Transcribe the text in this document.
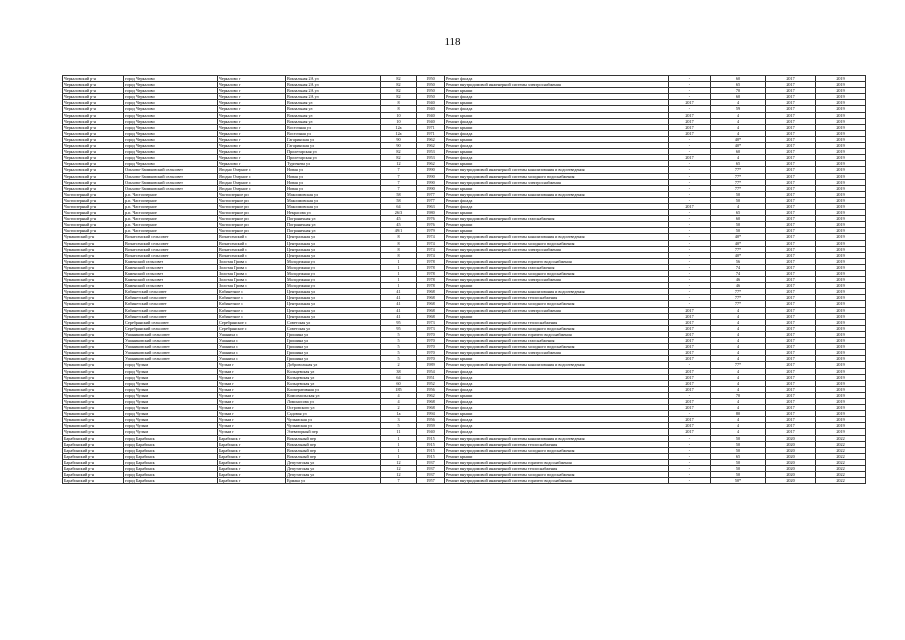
118
Черкаловский р-н	город Черкалово	Черкалово г	Вокзальная 2А ул	82	1950	Ремонт фасада	-	60	2017	2019
Черкаловский р-н	город Черкалово	Черкалово г	Вокзальная 2А ул	82	1950	Ремонт внутридомовой инженерной системы электроснабжения	-	65	2017	2019
Черкаловский р-н	город Черкалово	Черкалово г	Вокзальная 2А ул	82	1950	Ремонт крыши	-	70	2017	2019
Черкаловский р-н	город Черкалово	Черкалово г	Вокзальная 2А ул	82	1950	Ремонт фасада	-	60	2017	2019
Черкаловский р-н	город Черкалово	Черкалово г	Вокзальная ул	8	1940	Ремонт крыши	2017	4	2017	2019
Черкаловский р-н	город Черкалово	Черкалово г	Вокзальная ул	8	1940	Ремонт фасада	-	59	2017	2019
Черкаловский р-н	город Черкалово	Черкалово г	Вокзальная ул	10	1940	Ремонт крыши	2017	4	2017	2019
Черкаловский р-н	город Черкалово	Черкалово г	Вокзальная ул	10	1940	Ремонт фасада	2017	4	2017	2019
Черкаловский р-н	город Черкалово	Черкалово г	Восточная ул	12а	1971	Ремонт крыши	2017	4	2017	2019
Черкаловский р-н	город Черкалово	Черкалово г	Восточная ул	12а	1971	Ремонт фасада	2017	4	2017	2019
Черкаловский р-н	город Черкалово	Черкалово г	Гагаринская ул	90	1962	Ремонт крыши	-	40*	2017	2019
Черкаловский р-н	город Черкалово	Черкалово г	Гагаринская ул	90	1962	Ремонт фасада	-	40*	2017	2019
Черкаловский р-н	город Черкалово	Черкалово г	Пролетарская ул	82	1953	Ремонт крыши	-	60	2017	2019
Черкаловский р-н	город Черкалово	Черкалово г	Пролетарская ул	82	1953	Ремонт фасада	2017	4	2017	2019
Черкаловский р-н	город Черкалово	Черкалово г	Тургенева ул	12	1962	Ремонт крыши	-	65	2017	2019
Черкаловский р-н	Ольхово-Заимковский сельсовет	Ягодно Озерное с	Новая ул	7	1990	Ремонт внутридомовой инженерной системы канализования и водоотведения	-	77*	2017	2019
Черкаловский р-н	Ольхово-Заимковский сельсовет	Ягодно Озерное с	Новая ул	7	1990	Ремонт внутридомовой инженерной системы холодного водоснабжения	-	77*	2017	2019
Черкаловский р-н	Ольхово-Заимковский сельсовет	Ягодно Озерное с	Новая ул	7	1990	Ремонт внутридомовой инженерной системы электроснабжения	-	77*	2017	2019
Черкаловский р-н	Ольхово-Заимковский сельсовет	Ягодно Озерное с	Новая ул	7	1990	Ремонт крыши	-	77*	2017	2019
Частоозерный р-н	р.п. Частоозерное	Частоозерное рп	Максимовская ул	58	1977	Ремонт внутридомовой инженерной системы канализования и водоотведения	-	50	2017	2019
Частоозерный р-н	р.п. Частоозерное	Частоозерное рп	Максимовская ул	58	1977	Ремонт фасада	-	50	2017	2019
Частоозерный р-н	р.п. Частоозерное	Частоозерное рп	Максимовская ул	64	1963	Ремонт фасада	2017	4	2017	2019
Частоозерный р-н	р.п. Частоозерное	Частоозерное рп	Некрасова ул	26/3	1980	Ремонт крыши	-	65	2017	2019
Частоозерный р-н	р.п. Частоозерное	Частоозерное рп	Пограничная ул	45	1976	Ремонт внутридомовой инженерной системы газоснабжения	-	60	2017	2019
Частоозерный р-н	р.п. Частоозерное	Частоозерное рп	Пограничная ул	45	1976	Ремонт крыши	-	50	2017	2019
Частоозерный р-н	р.п. Частоозерное	Частоозерное рп	Пограничная ул	49/1	1979	Ремонт крыши	-	50	2017	2019
Чумаковский р-н	Вознесенский сельсовет	Вознесенский с	Центральная ул	8	1974	Ремонт внутридомовой инженерной системы канализования и водоотведения	-	40*	2017	2019
Чумаковский р-н	Вознесенский сельсовет	Вознесенский с	Центральная ул	8	1974	Ремонт внутридомовой инженерной системы холодного водоснабжения	-	40*	2017	2019
Чумаковский р-н	Вознесенский сельсовет	Вознесенский с	Центральная ул	8	1974	Ремонт внутридомовой инженерной системы электроснабжения	-	77*	2017	2019
Чумаковский р-н	Вознесенский сельсовет	Вознесенский с	Центральная ул	8	1974	Ремонт крыши	-	40*	2017	2019
Чумаковский р-н	Каменский сельсовет	Золотая Грива с	Молодежная ул	1	1978	Ремонт внутридомовой инженерной системы горячего водоснабжения	-	56	2017	2019
Чумаковский р-н	Каменский сельсовет	Золотая Грива с	Молодежная ул	1	1978	Ремонт внутридомовой инженерной системы газоснабжения	-	74	2017	2019
Чумаковский р-н	Каменский сельсовет	Золотая Грива с	Молодежная ул	1	1978	Ремонт внутридомовой инженерной системы холодного водоснабжения	-	74	2017	2019
Чумаковский р-н	Каменский сельсовет	Золотая Грива с	Молодежная ул	1	1978	Ремонт внутридомовой инженерной системы электроснабжения	-	46	2017	2019
Чумаковский р-н	Каменский сельсовет	Золотая Грива с	Молодежная ул	1	1978	Ремонт крыши	-	46	2017	2019
Чумаковский р-н	Кабинетский сельсовет	Кабинетное с	Центральная ул	41	1968	Ремонт внутридомовой инженерной системы канализования и водоотведения	-	77*	2017	2019
Чумаковский р-н	Кабинетский сельсовет	Кабинетное с	Центральная ул	41	1968	Ремонт внутридомовой инженерной системы теплоснабжения	-	77*	2017	2019
Чумаковский р-н	Кабинетский сельсовет	Кабинетное с	Центральная ул	41	1968	Ремонт внутридомовой инженерной системы холодного водоснабжения	-	77*	2017	2019
Чумаковский р-н	Кабинетский сельсовет	Кабинетное с	Центральная ул	41	1968	Ремонт внутридомовой инженерной системы электроснабжения	2017	4	2017	2019
Чумаковский р-н	Кабинетский сельсовет	Кабинетное с	Центральная ул	41	1968	Ремонт крыши	2017	4	2017	2019
Чумаковский р-н	Серебрянский сельсовет	Серебрянское с	Советская ул	95	1973	Ремонт внутридомовой инженерной системы теплоснабжения	2017	4	2017	2019
Чумаковский р-н	Серебрянский сельсовет	Серебрянское с	Советская ул	95	1973	Ремонт внутридомовой инженерной системы холодного водоснабжения	2017	4	2017	2019
Чумаковский р-н	Ушаниковский сельсовет	Ушаниха с	Гришина ул	5	1970	Ремонт внутридомовой инженерной системы горячего водоснабжения	2017	4	2017	2019
Чумаковский р-н	Ушаниковский сельсовет	Ушаниха с	Гришина ул	5	1970	Ремонт внутридомовой инженерной системы газоснабжения	2017	4	2017	2019
Чумаковский р-н	Ушаниковский сельсовет	Ушаниха с	Гришина ул	5	1970	Ремонт внутридомовой инженерной системы холодного водоснабжения	2017	4	2017	2019
Чумаковский р-н	Ушаниковский сельсовет	Ушаниха с	Гришина ул	5	1970	Ремонт внутридомовой инженерной системы электроснабжения	2017	4	2017	2019
Чумаковский р-н	Ушаниковский сельсовет	Ушаниха с	Гришина ул	5	1970	Ремонт крыши	2017	4	2017	2019
Чумаковский р-н	город Чулым	Чулым г	Добровольная ул	2	1989	Ремонт внутридомовой инженерной системы канализования и водоотведения	-	77*	2017	2019
Чумаковский р-н	город Чулым	Чулым г	Кольцевская ул	38	1954	Ремонт фасада	2017	4	2017	2019
Чумаковский р-н	город Чулым	Чулым г	Кольцевская ул	64	1951	Ремонт фасада	2017	4	2017	2019
Чумаковский р-н	город Чулым	Чулым г	Кольцевская ул	60	1952	Ремонт фасада	2017	4	2017	2019
Чумаковский р-н	город Чулым	Чулым г	Кооперативная ул	185	1956	Ремонт фасада	2017	4	2017	2019
Чумаковский р-н	город Чулым	Чулым г	Комсомольская ул	4	1962	Ремонт крыши	-	70	2017	2019
Чумаковский р-н	город Чулым	Чулым г	Ломоносова ул	4	1968	Ремонт фасада	2017	4	2017	2019
Чумаковский р-н	город Чулым	Чулым г	Островского ул	2	1968	Ремонт фасада	2017	4	2017	2019
Чумаковский р-н	город Чулым	Чулым г	Садовая ул	1а	1994	Ремонт крыши	-	80	2017	2019
Чумаковский р-н	город Чулым	Чулым г	Чулымская ул	3	1956	Ремонт фасада	2017	4	2017	2019
Чумаковский р-н	город Чулым	Чулым г	Чулымская ул	5	1959	Ремонт фасада	2017	4	2017	2019
Чумаковский р-н	город Чулым	Чулым г	Элеваторный пер	11	1940	Ремонт фасада	2017	4	2017	2019
Барабинский р-н	город Барабинск	Барабинск г	Вокзальный пер	1	1915	Ремонт внутридомовой инженерной системы канализования и водоотведения	-	50	2020	2022
Барабинский р-н	город Барабинск	Барабинск г	Вокзальный пер	1	1915	Ремонт внутридомовой инженерной системы теплоснабжения	-	50	2020	2022
Барабинский р-н	город Барабинск	Барабинск г	Вокзальный пер	1	1915	Ремонт внутридомовой инженерной системы холодного водоснабжения	-	50	2020	2022
Барабинский р-н	город Барабинск	Барабинск г	Вокзальный пер	1	1915	Ремонт крыши	-	65	2020	2022
Барабинский р-н	город Барабинск	Барабинск г	Депутатская ул	12	1937	Ремонт внутридомовой инженерной системы горячего водоснабжения	-	50	2020	2022
Барабинский р-н	город Барабинск	Барабинск г	Депутатская ул	12	1937	Ремонт внутридомовой инженерной системы теплоснабжения	-	50	2020	2022
Барабинский р-н	город Барабинск	Барабинск г	Депутатская ул	12	1937	Ремонт внутридомовой инженерной системы холодного водоснабжения	-	50	2020	2022
Барабинский р-н	город Барабинск	Барабинск г	Ермака ул	7	1957	Ремонт внутридомовой инженерной системы горячего водоснабжения	-	50*	2020	2022
